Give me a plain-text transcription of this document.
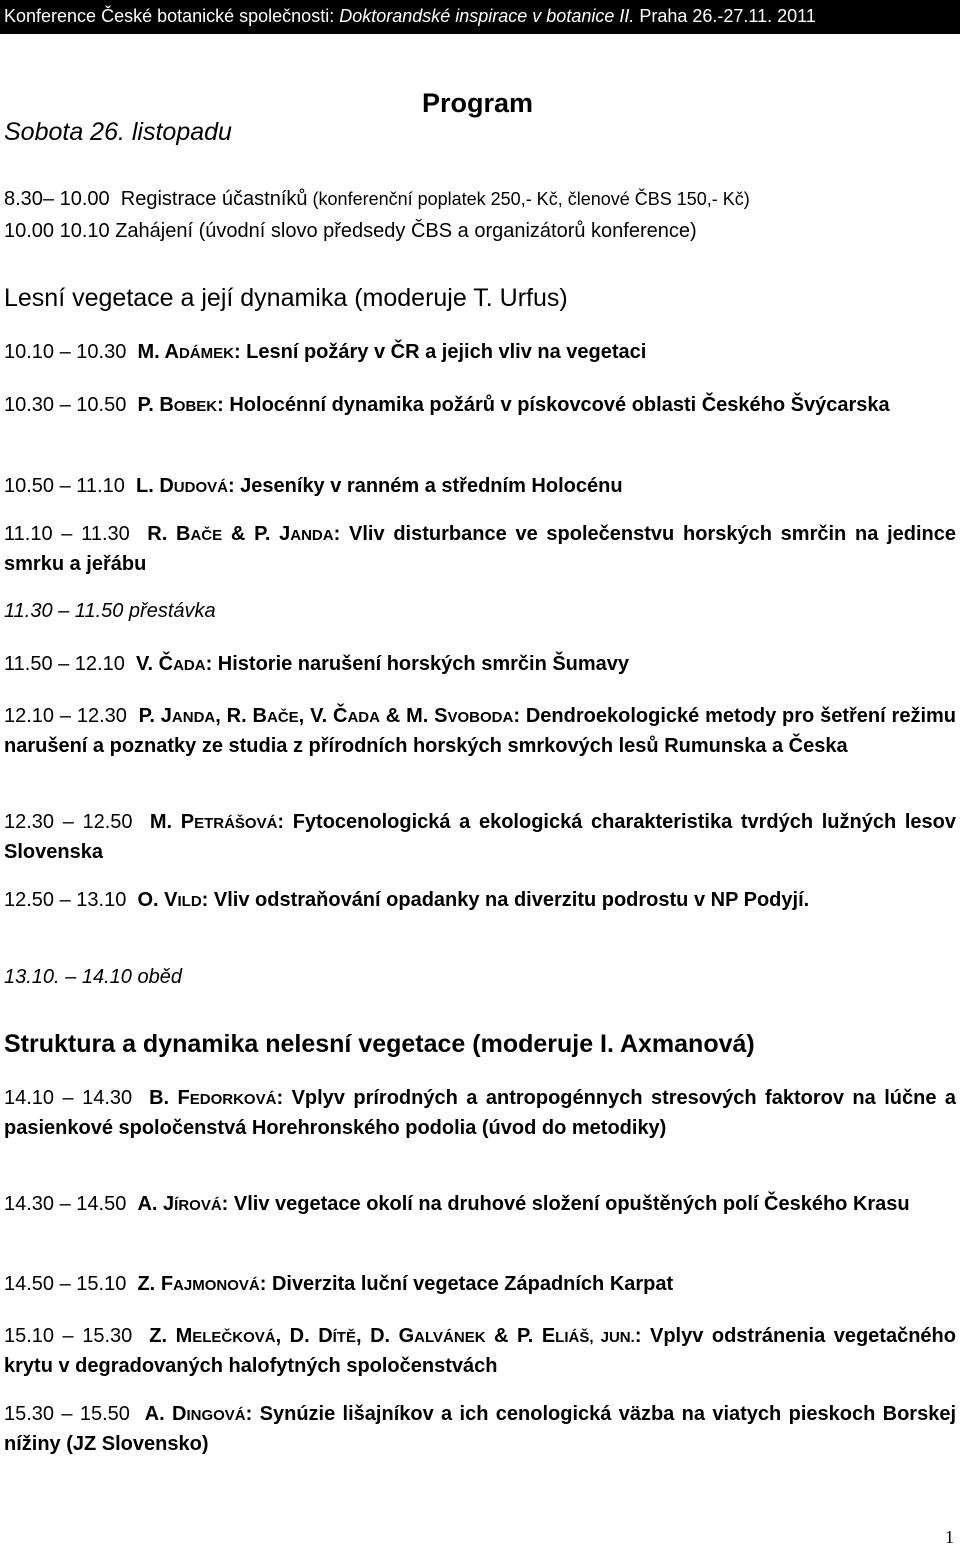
Konference České botanické společnosti: Doktorandské inspirace v botanice II. Praha 26.-27.11. 2011
Program
Sobota 26. listopadu
8.30– 10.00 Registrace účastníků (konferenční poplatek 250,- Kč, členové ČBS 150,- Kč)
10.00 10.10 Zahájení (úvodní slovo předsedy ČBS a organizátorů konference)
Lesní vegetace a její dynamika (moderuje T. Urfus)
10.10 – 10.30 M. ADÁMEK: Lesní požáry v ČR a jejich vliv na vegetaci
10.30 – 10.50 P. BOBEK: Holocénní dynamika požárů v pískovcové oblasti Českého Švýcarska
10.50 – 11.10 L. DUDOVÁ: Jeseníky v ranném a středním Holocénu
11.10 – 11.30 R. BAČE & P. JANDA: Vliv disturbance ve společenstvu horských smrčin na jedince smrku a jeřábu
11.30 – 11.50 přestávka
11.50 – 12.10 V. ČADA: Historie narušení horských smrčin Šumavy
12.10 – 12.30 P. JANDA, R. BAČE, V. ČADA & M. SVOBODA: Dendroekologické metody pro šetření režimu narušení a poznatky ze studia z přírodních horských smrkových lesů Rumunska a Česka
12.30 – 12.50 M. PETRÁŠOVÁ: Fytocenologická a ekologická charakteristika tvrdých lužných lesov Slovenska
12.50 – 13.10 O. VILD: Vliv odstraňování opadanky na diverzitu podrostu v NP Podyjí.
13.10. – 14.10 oběd
Struktura a dynamika nelesní vegetace (moderuje I. Axmanová)
14.10 – 14.30 B. FEDORKOVÁ: Vplyv prírodných a antropogénnych stresových faktorov na lúčne a pasienkové spoločenstvá Horehronského podolia (úvod do metodiky)
14.30 – 14.50 A. JÍROVÁ: Vliv vegetace okolí na druhové složení opuštěných polí Českého Krasu
14.50 – 15.10 Z. FAJMONOVÁ: Diverzita luční vegetace Západních Karpat
15.10 – 15.30 Z. MELEČKOVÁ, D. DÍTĚ, D. GALVÁNEK & P. ELIÁŠ, JUN.: Vplyv odstránenia vegetačného krytu v degradovaných halofytných spoločenstvách
15.30 – 15.50 A. DINGOVÁ: Synúzie lišajníkov a ich cenologická väzba na viatych pieskoch Borskej nížiny (JZ Slovensko)
1
